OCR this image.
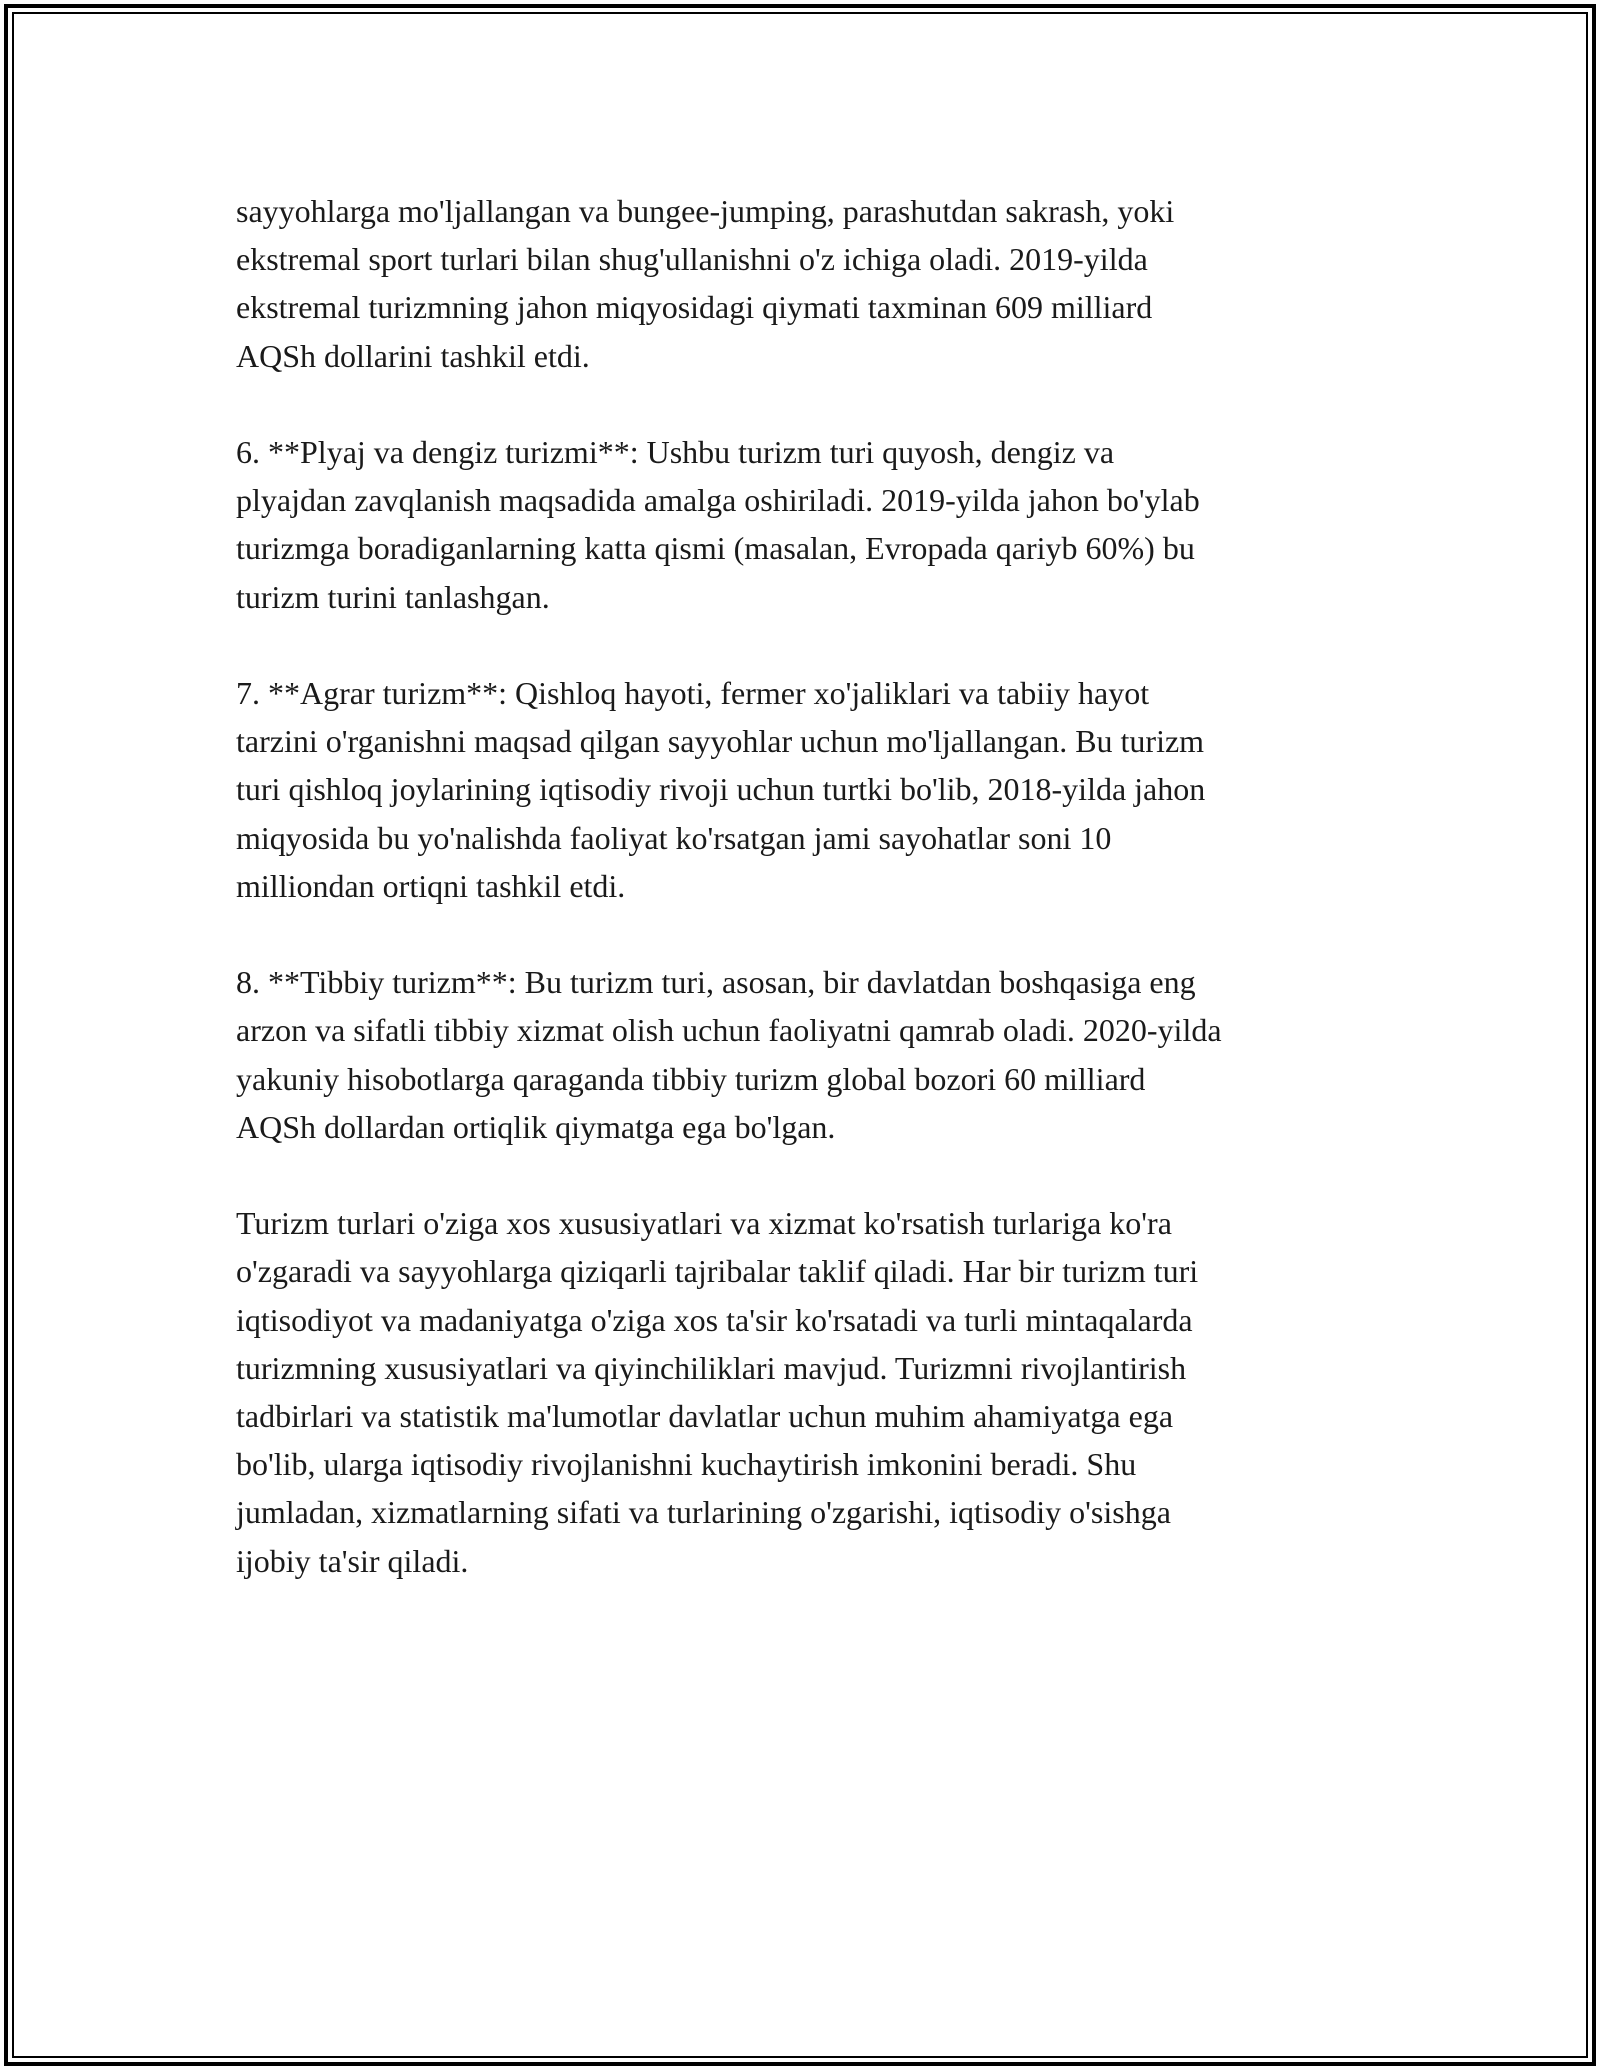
sayyohlarga mo'ljallangan va bungee-jumping, parashutdan sakrash, yoki
ekstremal sport turlari bilan shug'ullanishni o'z ichiga oladi. 2019-yilda
ekstremal turizmning jahon miqyosidagi qiymati taxminan 609 milliard
AQSh dollarini tashkil etdi.

6. **Plyaj va dengiz turizmi**: Ushbu turizm turi quyosh, dengiz va
plyajdan zavqlanish maqsadida amalga oshiriladi. 2019-yilda jahon bo'ylab
turizmga boradiganlarning katta qismi (masalan, Evropada qariyb 60%) bu
turizm turini tanlashgan.

7. **Agrar turizm**: Qishloq hayoti, fermer xo'jaliklari va tabiiy hayot
tarzini o'rganishni maqsad qilgan sayyohlar uchun mo'ljallangan. Bu turizm
turi qishloq joylarining iqtisodiy rivoji uchun turtki bo'lib, 2018-yilda jahon
miqyosida bu yo'nalishda faoliyat ko'rsatgan jami sayohatlar soni 10
milliondan ortiqni tashkil etdi.

8. **Tibbiy turizm**: Bu turizm turi, asosan, bir davlatdan boshqasiga eng
arzon va sifatli tibbiy xizmat olish uchun faoliyatni qamrab oladi. 2020-yilda
yakuniy hisobotlarga qaraganda tibbiy turizm global bozori 60 milliard
AQSh dollardan ortiqlik qiymatga ega bo'lgan.

Turizm turlari o'ziga xos xususiyatlari va xizmat ko'rsatish turlariga ko'ra
o'zgaradi va sayyohlarga qiziqarli tajribalar taklif qiladi. Har bir turizm turi
iqtisodiyot va madaniyatga o'ziga xos ta'sir ko'rsatadi va turli mintaqalarda
turizmning xususiyatlari va qiyinchiliklari mavjud. Turizmni rivojlantirish
tadbirlari va statistik ma'lumotlar davlatlar uchun muhim ahamiyatga ega
bo'lib, ularga iqtisodiy rivojlanishni kuchaytirish imkonini beradi. Shu
jumladan, xizmatlarning sifati va turlarining o'zgarishi, iqtisodiy o'sishga
ijobiy ta'sir qiladi.
